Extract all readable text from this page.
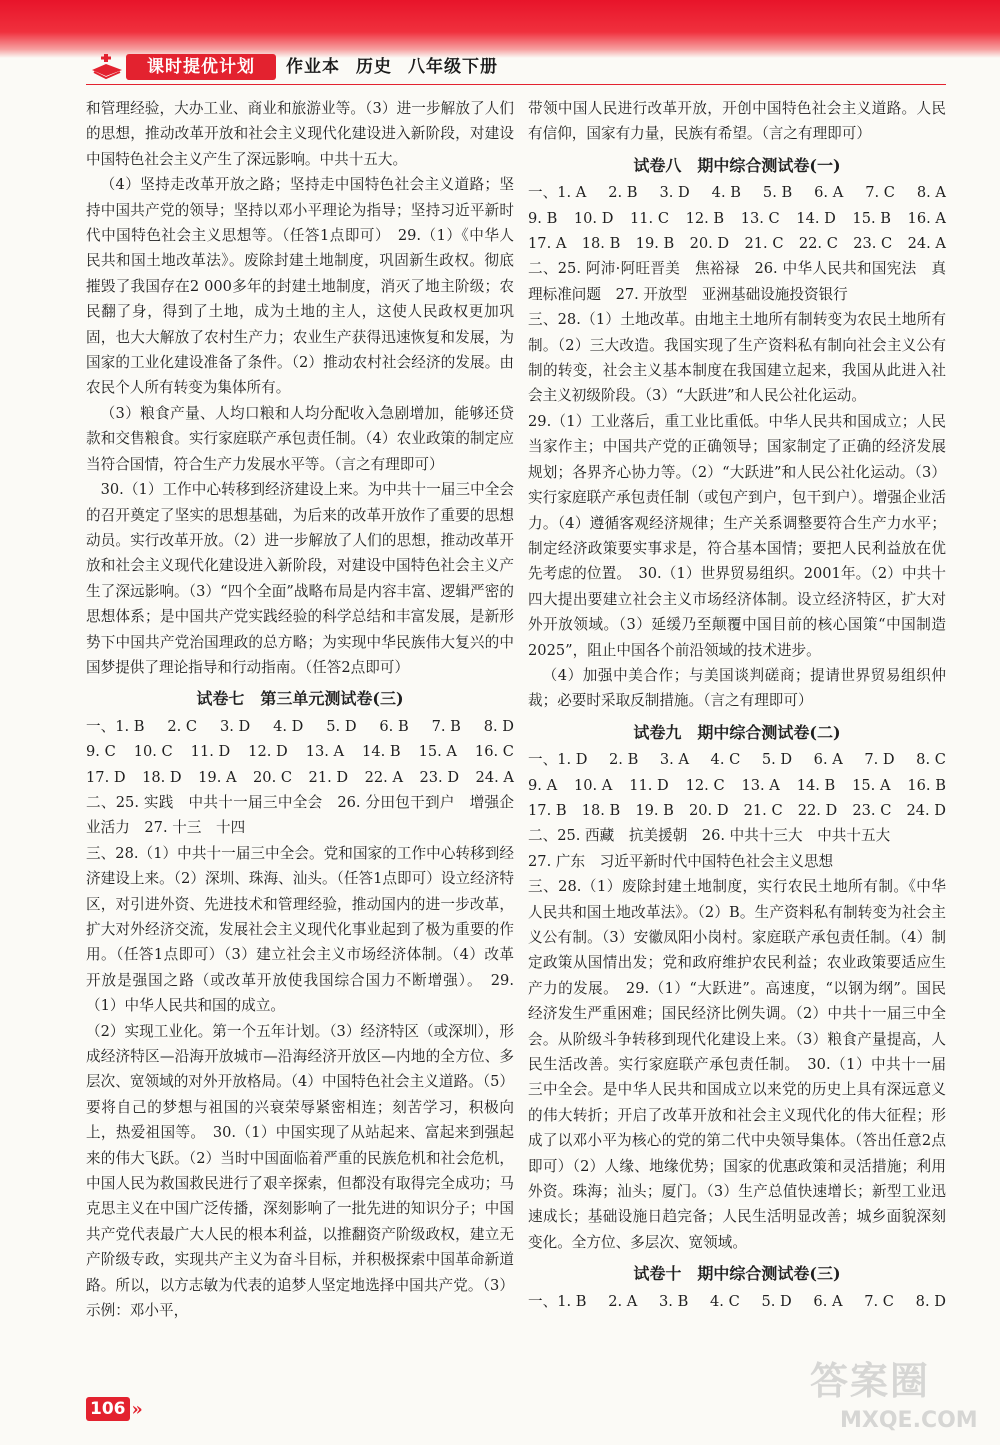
课时提优计划	作业本 历史 八年级下册

和管理经验，大办工业、商业和旅游业等。（3）进一步解放了人们的思想，推动改革开放和社会主义现代化建设进入新阶段，对建设中国特色社会主义产生了深远影响。中共十五大。

（4）坚持走改革开放之路；坚持走中国特色社会主义道路；坚持中国共产党的领导；坚持以邓小平理论为指导；坚持习近平新时代中国特色社会主义思想等。（任答1点即可）　29.（1）《中华人民共和国土地改革法》。废除封建土地制度，巩固新生政权。彻底摧毁了我国存在2 000多年的封建土地制度，消灭了地主阶级；农民翻了身，得到了土地，成为土地的主人，这使人民政权更加巩固，也大大解放了农村生产力；农业生产获得迅速恢复和发展，为国家的工业化建设准备了条件。（2）推动农村社会经济的发展。由农民个人所有转变为集体所有。

（3）粮食产量、人均口粮和人均分配收入急剧增加，能够还贷款和交售粮食。实行家庭联产承包责任制。（4）农业政策的制定应当符合国情，符合生产力发展水平等。（言之有理即可）

30.（1）工作中心转移到经济建设上来。为中共十一届三中全会的召开奠定了坚实的思想基础，为后来的改革开放作了重要的思想动员。实行改革开放。（2）进一步解放了人们的思想，推动改革开放和社会主义现代化建设进入新阶段，对建设中国特色社会主义产生了深远影响。（3）“四个全面”战略布局是内容丰富、逻辑严密的思想体系；是中国共产党实践经验的科学总结和丰富发展，是新形势下中国共产党治国理政的总方略；为实现中华民族伟大复兴的中国梦提供了理论指导和行动指南。（任答2点即可）

试卷七　第三单元测试卷(三)
一、1. B 2. C 3. D 4. D 5. D 6. B 7. B 8. D
9. C 10. C 11. D 12. D 13. A 14. B 15. A 16. C
17. D 18. D 19. A 20. C 21. D 22. A 23. D 24. A

二、25. 实践　中共十一届三中全会　26. 分田包干到户　增强企业活力　27. 十三　十四

三、28.（1）中共十一届三中全会。党和国家的工作中心转移到经济建设上来。（2）深圳、珠海、汕头。（任答1点即可）设立经济特区，对引进外资、先进技术和管理经验，推动国内的进一步改革，扩大对外经济交流，发展社会主义现代化事业起到了极为重要的作用。（任答1点即可）（3）建立社会主义市场经济体制。（4）改革开放是强国之路（或改革开放使我国综合国力不断增强）。　29.（1）中华人民共和国的成立。

（2）实现工业化。第一个五年计划。（3）经济特区（或深圳），形成经济特区—沿海开放城市—沿海经济开放区—内地的全方位、多层次、宽领域的对外开放格局。（4）中国特色社会主义道路。（5）要将自己的梦想与祖国的兴衰荣辱紧密相连；刻苦学习，积极向上，热爱祖国等。　30.（1）中国实现了从站起来、富起来到强起来的伟大飞跃。（2）当时中国面临着严重的民族危机和社会危机，中国人民为救国救民进行了艰辛探索，但都没有取得完全成功；马克思主义在中国广泛传播，深刻影响了一批先进的知识分子；中国共产党代表最广大人民的根本利益，以推翻资产阶级政权，建立无产阶级专政，实现共产主义为奋斗目标，并积极探索中国革命新道路。所以，以方志敏为代表的追梦人坚定地选择中国共产党。（3）示例：邓小平，

带领中国人民进行改革开放，开创中国特色社会主义道路。人民有信仰，国家有力量，民族有希望。（言之有理即可）

试卷八　期中综合测试卷(一)
一、1. A 2. B 3. D 4. B 5. B 6. A 7. C 8. A
9. B 10. D 11. C 12. B 13. C 14. D 15. B 16. A
17. A 18. B 19. B 20. D 21. C 22. C 23. C 24. A

二、25. 阿沛·阿旺晋美　焦裕禄　26. 中华人民共和国宪法　真理标准问题　27. 开放型　亚洲基础设施投资银行

三、28.（1）土地改革。由地主土地所有制转变为农民土地所有制。（2）三大改造。我国实现了生产资料私有制向社会主义公有制的转变，社会主义基本制度在我国建立起来，我国从此进入社会主义初级阶段。（3）“大跃进”和人民公社化运动。

29.（1）工业落后，重工业比重低。中华人民共和国成立；人民当家作主；中国共产党的正确领导；国家制定了正确的经济发展规划；各界齐心协力等。（2）“大跃进”和人民公社化运动。（3）实行家庭联产承包责任制（或包产到户，包干到户）。增强企业活力。（4）遵循客观经济规律；生产关系调整要符合生产力水平；制定经济政策要实事求是，符合基本国情；要把人民利益放在优先考虑的位置。　30.（1）世界贸易组织。2001年。（2）中共十四大提出要建立社会主义市场经济体制。设立经济特区，扩大对外开放领域。（3）延缓乃至颠覆中国目前的核心国策“中国制造2025”，阻止中国各个前沿领域的技术进步。

（4）加强中美合作；与美国谈判磋商；提请世界贸易组织仲裁；必要时采取反制措施。（言之有理即可）

试卷九　期中综合测试卷(二)
一、1. D 2. B 3. A 4. C 5. D 6. A 7. D 8. C
9. A 10. A 11. D 12. C 13. A 14. B 15. A 16. B
17. B 18. B 19. B 20. D 21. C 22. D 23. C 24. D

二、25. 西藏　抗美援朝　26. 中共十三大　中共十五大

27. 广东　习近平新时代中国特色社会主义思想

三、28.（1）废除封建土地制度，实行农民土地所有制。《中华人民共和国土地改革法》。（2）B。生产资料私有制转变为社会主义公有制。（3）安徽凤阳小岗村。家庭联产承包责任制。（4）制定政策从国情出发；党和政府维护农民利益；农业政策要适应生产力的发展。　29.（1）“大跃进”。高速度，“以钢为纲”。国民经济发生严重困难；国民经济比例失调。（2）中共十一届三中全会。从阶级斗争转移到现代化建设上来。（3）粮食产量提高，人民生活改善。实行家庭联产承包责任制。　30.（1）中共十一届三中全会。是中华人民共和国成立以来党的历史上具有深远意义的伟大转折；开启了改革开放和社会主义现代化的伟大征程；形成了以邓小平为核心的党的第二代中央领导集体。（答出任意2点即可）（2）人缘、地缘优势；国家的优惠政策和灵活措施；利用外资。珠海；汕头；厦门。（3）生产总值快速增长；新型工业迅速成长；基础设施日趋完备；人民生活明显改善；城乡面貌深刻变化。全方位、多层次、宽领域。

试卷十　期中综合测试卷(三)
一、1. B 2. A 3. B 4. C 5. D 6. A 7. C 8. D
106 »
答案圈
MXQE.COM
